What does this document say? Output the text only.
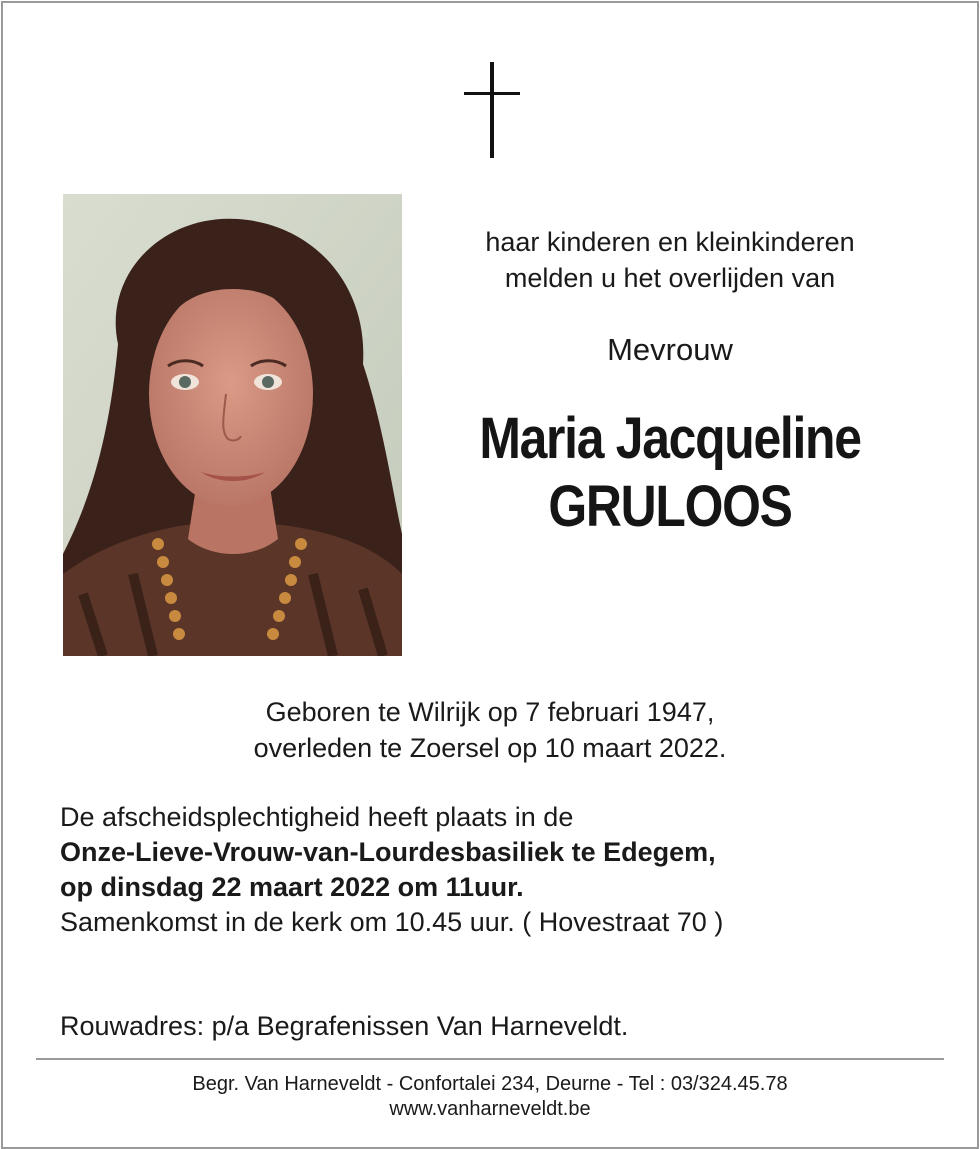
haar kinderen en kleinkinderen
melden u het overlijden van
Mevrouw
Maria Jacqueline
GRULOOS
Geboren te Wilrijk op 7 februari 1947,
overleden te Zoersel op 10 maart 2022.
De afscheidsplechtigheid heeft plaats in de
Onze-Lieve-Vrouw-van-Lourdesbasiliek te Edegem,
op dinsdag 22 maart 2022 om 11uur.
Samenkomst in de kerk om 10.45 uur. ( Hovestraat 70 )
Rouwadres: p/a Begrafenissen Van Harneveldt.
Begr. Van Harneveldt - Confortalei 234, Deurne - Tel : 03/324.45.78
www.vanharneveldt.be
